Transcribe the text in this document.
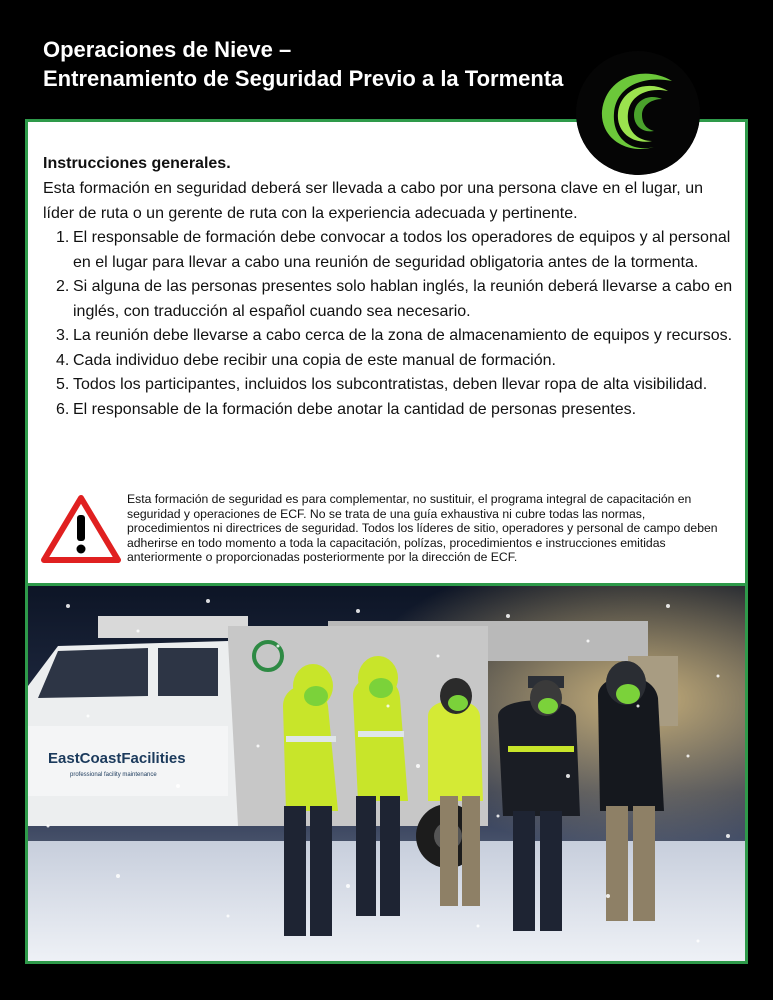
Operaciones de Nieve –
Entrenamiento de Seguridad Previo a la Tormenta

Instrucciones generales.

Esta formación en seguridad deberá ser llevada a cabo por una persona clave en el lugar, un líder de ruta o un gerente de ruta con la experiencia adecuada y pertinente.

1. El responsable de formación debe convocar a todos los operadores de equipos y al personal en el lugar para llevar a cabo una reunión de seguridad obligatoria antes de la tormenta.
2. Si alguna de las personas presentes solo hablan inglés, la reunión deberá llevarse a cabo en inglés, con traducción al español cuando sea necesario.
3. La reunión debe llevarse a cabo cerca de la zona de almacenamiento de equipos y recursos.
4. Cada individuo debe recibir una copia de este manual de formación.
5. Todos los participantes, incluidos los subcontratistas, deben llevar ropa de alta visibilidad.
6. El responsable de la formación debe anotar la cantidad de personas presentes.
Esta formación de seguridad es para complementar, no sustituir, el programa integral de capacitación en seguridad y operaciones de ECF. No se trata de una guía exhaustiva ni cubre todas las normas, procedimientos ni directrices de seguridad. Todos los líderes de sitio, operadores y personal de campo deben adherirse en todo momento a toda la capacitación, polízas, procedimientos e instrucciones emitidas anteriormente o proporcionadas posteriormente por la dirección de ECF.
EastCoastFacilities
professional facility maintenance
